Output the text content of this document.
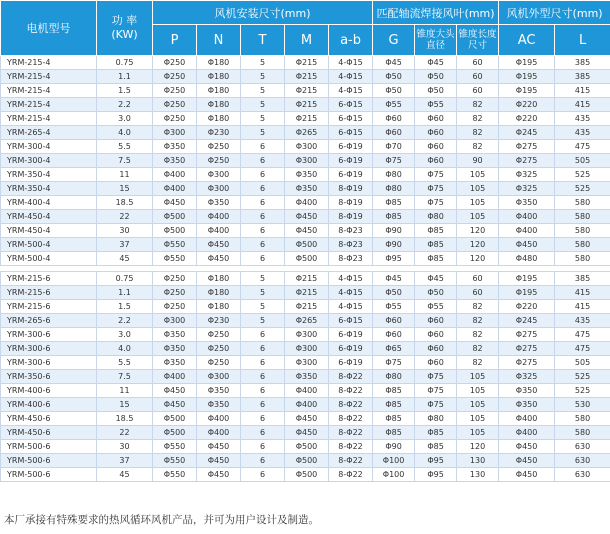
电机型号	功 率 (KW)	风机安装尺寸(mm)					匹配轴流焊接风叶(mm)			风机外型尺寸(mm)	
		P	N	T	M	a-b	G	锥度大头直径	锥度长度尺寸	AC	L
YRM-215-4	0.75	Φ250	Φ180	5	Φ215	4-Φ15	Φ45	Φ45	60	Φ195	385
YRM-215-4	1.1	Φ250	Φ180	5	Φ215	4-Φ15	Φ50	Φ50	60	Φ195	385
YRM-215-4	1.5	Φ250	Φ180	5	Φ215	4-Φ15	Φ50	Φ50	60	Φ195	415
YRM-215-4	2.2	Φ250	Φ180	5	Φ215	6-Φ15	Φ55	Φ55	82	Φ220	415
YRM-215-4	3.0	Φ250	Φ180	5	Φ215	6-Φ15	Φ60	Φ60	82	Φ220	435
YRM-265-4	4.0	Φ300	Φ230	5	Φ265	6-Φ15	Φ60	Φ60	82	Φ245	435
YRM-300-4	5.5	Φ350	Φ250	6	Φ300	6-Φ19	Φ70	Φ60	82	Φ275	475
YRM-300-4	7.5	Φ350	Φ250	6	Φ300	6-Φ19	Φ75	Φ60	90	Φ275	505
YRM-350-4	11	Φ400	Φ300	6	Φ350	6-Φ19	Φ80	Φ75	105	Φ325	525
YRM-350-4	15	Φ400	Φ300	6	Φ350	8-Φ19	Φ80	Φ75	105	Φ325	525
YRM-400-4	18.5	Φ450	Φ350	6	Φ400	8-Φ19	Φ85	Φ75	105	Φ350	580
YRM-450-4	22	Φ500	Φ400	6	Φ450	8-Φ19	Φ85	Φ80	105	Φ400	580
YRM-450-4	30	Φ500	Φ400	6	Φ450	8-Φ23	Φ90	Φ85	120	Φ400	580
YRM-500-4	37	Φ550	Φ450	6	Φ500	8-Φ23	Φ90	Φ85	120	Φ450	580
YRM-500-4	45	Φ550	Φ450	6	Φ500	8-Φ23	Φ95	Φ85	120	Φ480	580

YRM-215-6	0.75	Φ250	Φ180	5	Φ215	4-Φ15	Φ45	Φ45	60	Φ195	385
YRM-215-6	1.1	Φ250	Φ180	5	Φ215	4-Φ15	Φ50	Φ50	60	Φ195	415
YRM-215-6	1.5	Φ250	Φ180	5	Φ215	4-Φ15	Φ55	Φ55	82	Φ220	415
YRM-265-6	2.2	Φ300	Φ230	5	Φ265	6-Φ15	Φ60	Φ60	82	Φ245	435
YRM-300-6	3.0	Φ350	Φ250	6	Φ300	6-Φ19	Φ60	Φ60	82	Φ275	475
YRM-300-6	4.0	Φ350	Φ250	6	Φ300	6-Φ19	Φ65	Φ60	82	Φ275	475
YRM-300-6	5.5	Φ350	Φ250	6	Φ300	6-Φ19	Φ75	Φ60	82	Φ275	505
YRM-350-6	7.5	Φ400	Φ300	6	Φ350	8-Φ22	Φ80	Φ75	105	Φ325	525
YRM-400-6	11	Φ450	Φ350	6	Φ400	8-Φ22	Φ85	Φ75	105	Φ350	525
YRM-400-6	15	Φ450	Φ350	6	Φ400	8-Φ22	Φ85	Φ75	105	Φ350	530
YRM-450-6	18.5	Φ500	Φ400	6	Φ450	8-Φ22	Φ85	Φ80	105	Φ400	580
YRM-450-6	22	Φ500	Φ400	6	Φ450	8-Φ22	Φ85	Φ85	105	Φ400	580
YRM-500-6	30	Φ550	Φ450	6	Φ500	8-Φ22	Φ90	Φ85	120	Φ450	630
YRM-500-6	37	Φ550	Φ450	6	Φ500	8-Φ22	Φ100	Φ95	130	Φ450	630
YRM-500-6	45	Φ550	Φ450	6	Φ500	8-Φ22	Φ100	Φ95	130	Φ450	630
本厂承接有特殊要求的热风循环风机产品，并可为用户设计及制造。
